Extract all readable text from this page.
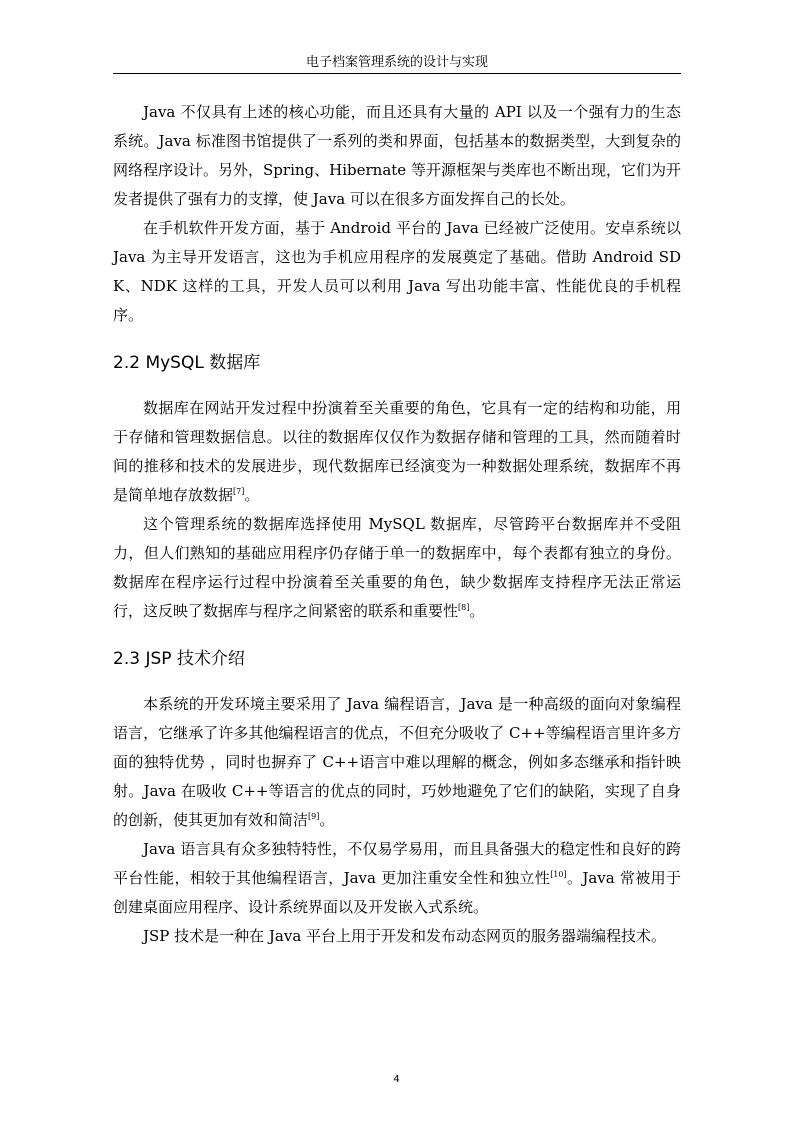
电子档案管理系统的设计与实现

Java 不仅具有上述的核心功能，而且还具有大量的 API 以及一个强有力的生态系统。Java 标准图书馆提供了一系列的类和界面，包括基本的数据类型，大到复杂的网络程序设计。另外，Spring、Hibernate 等开源框架与类库也不断出现，它们为开发者提供了强有力的支撑，使 Java 可以在很多方面发挥自己的长处。

在手机软件开发方面，基于 Android 平台的 Java 已经被广泛使用。安卓系统以 Java 为主导开发语言，这也为手机应用程序的发展奠定了基础。借助 Android SDK、NDK 这样的工具，开发人员可以利用 Java 写出功能丰富、性能优良的手机程序。

2.2 MySQL 数据库

数据库在网站开发过程中扮演着至关重要的角色，它具有一定的结构和功能，用于存储和管理数据信息。以往的数据库仅仅作为数据存储和管理的工具，然而随着时间的推移和技术的发展进步，现代数据库已经演变为一种数据处理系统，数据库不再是简单地存放数据[7]。

这个管理系统的数据库选择使用 MySQL 数据库，尽管跨平台数据库并不受阻力，但人们熟知的基础应用程序仍存储于单一的数据库中，每个表都有独立的身份。数据库在程序运行过程中扮演着至关重要的角色，缺少数据库支持程序无法正常运行，这反映了数据库与程序之间紧密的联系和重要性[8]。

2.3 JSP 技术介绍

本系统的开发环境主要采用了 Java 编程语言，Java 是一种高级的面向对象编程语言，它继承了许多其他编程语言的优点，不但充分吸收了 C++等编程语言里许多方面的独特优势 ，同时也摒弃了 C++语言中难以理解的概念，例如多态继承和指针映射。Java 在吸收 C++等语言的优点的同时，巧妙地避免了它们的缺陷，实现了自身的创新，使其更加有效和简洁[9]。

Java 语言具有众多独特特性，不仅易学易用，而且具备强大的稳定性和良好的跨平台性能，相较于其他编程语言，Java 更加注重安全性和独立性[10]。Java 常被用于创建桌面应用程序、设计系统界面以及开发嵌入式系统。

JSP 技术是一种在 Java 平台上用于开发和发布动态网页的服务器端编程技术。

4
